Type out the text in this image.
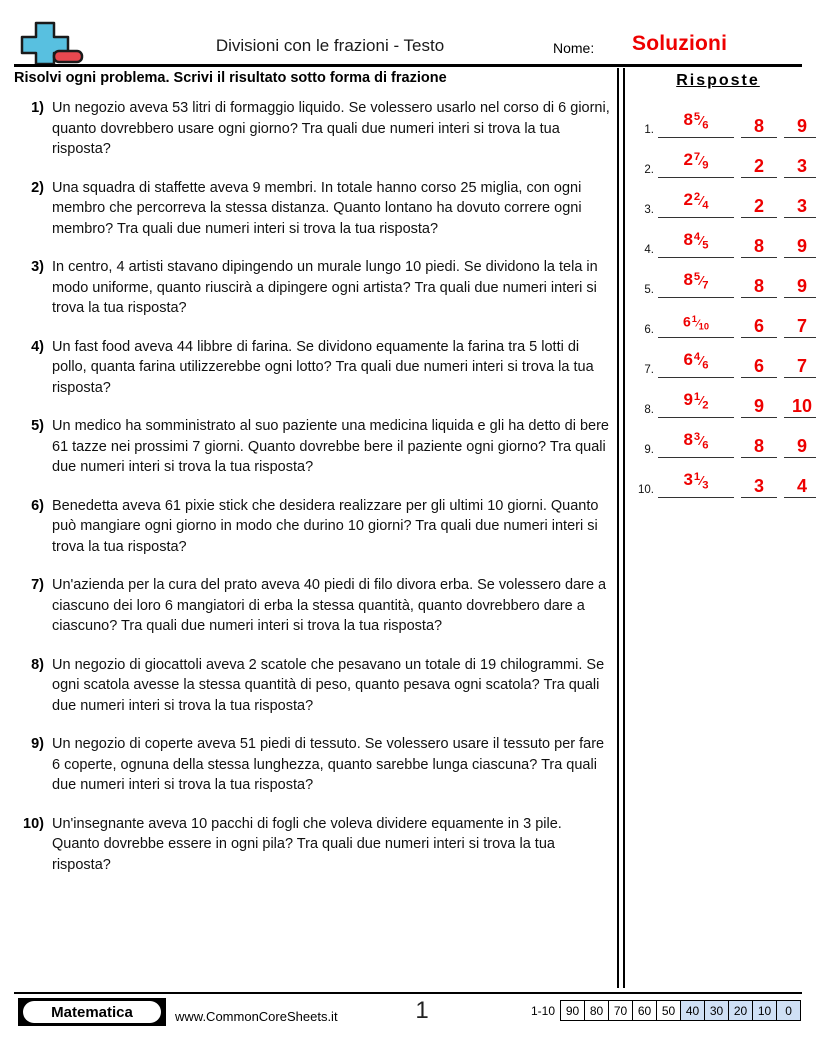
Divisioni con le frazioni - Testo	Nome: Soluzioni
Risolvi ogni problema. Scrivi il risultato sotto forma di frazione
1) Un negozio aveva 53 litri di formaggio liquido. Se volessero usarlo nel corso di 6 giorni, quanto dovrebbero usare ogni giorno? Tra quali due numeri interi si trova la tua risposta?
2) Una squadra di staffette aveva 9 membri. In totale hanno corso 25 miglia, con ogni membro che percorreva la stessa distanza. Quanto lontano ha dovuto correre ogni membro? Tra quali due numeri interi si trova la tua risposta?
3) In centro, 4 artisti stavano dipingendo un murale lungo 10 piedi. Se dividono la tela in modo uniforme, quanto riuscirà a dipingere ogni artista? Tra quali due numeri interi si trova la tua risposta?
4) Un fast food aveva 44 libbre di farina. Se dividono equamente la farina tra 5 lotti di pollo, quanta farina utilizzerebbe ogni lotto? Tra quali due numeri interi si trova la tua risposta?
5) Un medico ha somministrato al suo paziente una medicina liquida e gli ha detto di bere 61 tazze nei prossimi 7 giorni. Quanto dovrebbe bere il paziente ogni giorno? Tra quali due numeri interi si trova la tua risposta?
6) Benedetta aveva 61 pixie stick che desidera realizzare per gli ultimi 10 giorni. Quanto può mangiare ogni giorno in modo che durino 10 giorni? Tra quali due numeri interi si trova la tua risposta?
7) Un'azienda per la cura del prato aveva 40 piedi di filo divora erba. Se volessero dare a ciascuno dei loro 6 mangiatori di erba la stessa quantità, quanto dovrebbero dare a ciascuno? Tra quali due numeri interi si trova la tua risposta?
8) Un negozio di giocattoli aveva 2 scatole che pesavano un totale di 19 chilogrammi. Se ogni scatola avesse la stessa quantità di peso, quanto pesava ogni scatola? Tra quali due numeri interi si trova la tua risposta?
9) Un negozio di coperte aveva 51 piedi di tessuto. Se volessero usare il tessuto per fare 6 coperte, ognuna della stessa lunghezza, quanto sarebbe lunga ciascuna? Tra quali due numeri interi si trova la tua risposta?
10) Un'insegnante aveva 10 pacchi di fogli che voleva dividere equamente in 3 pile. Quanto dovrebbe essere in ogni pila? Tra quali due numeri interi si trova la tua risposta?
Risposte
1.
85⁄6	8	9
2.
27⁄9	2	3
3.
22⁄4	2	3
4.
84⁄5	8	9
5.
85⁄7	8	9
6.
61⁄10	6	7
7.
64⁄6	6	7
8.
91⁄2	9	10
9.
83⁄6	8	9
10.
31⁄3	3	4
Matematica	www.CommonCoreSheets.it	1	1-10 90 80 70 60 50 40 30 20 10	0
